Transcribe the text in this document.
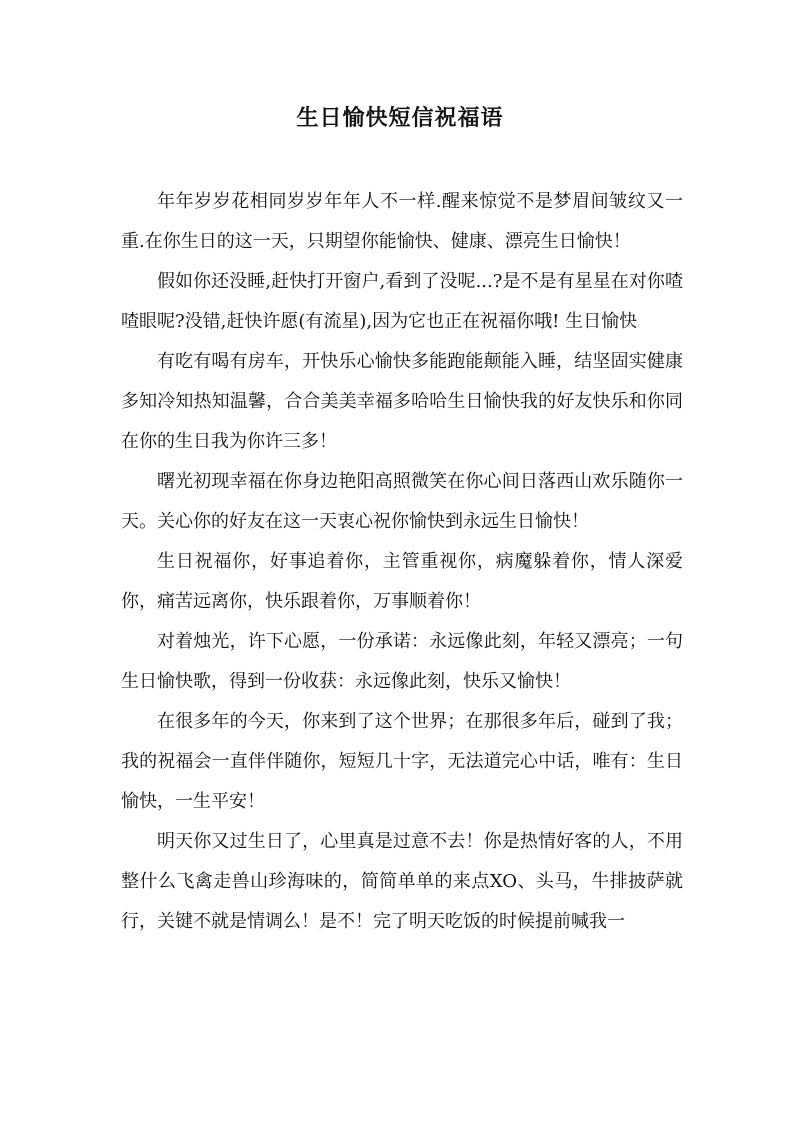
生日愉快短信祝福语

年年岁岁花相同岁岁年年人不一样.醒来惊觉不是梦眉间皱纹又一重.在你生日的这一天，只期望你能愉快、健康、漂亮生日愉快！

假如你还没睡,赶快打开窗户,看到了没呢...?是不是有星星在对你喳喳眼呢?没错,赶快许愿(有流星),因为它也正在祝福你哦! 生日愉快

有吃有喝有房车，开快乐心愉快多能跑能颠能入睡，结坚固实健康多知冷知热知温馨，合合美美幸福多哈哈生日愉快我的好友快乐和你同在你的生日我为你许三多！

曙光初现幸福在你身边艳阳高照微笑在你心间日落西山欢乐随你一天。关心你的好友在这一天衷心祝你愉快到永远生日愉快！

生日祝福你，好事追着你，主管重视你，病魔躲着你，情人深爱你，痛苦远离你，快乐跟着你，万事顺着你！

对着烛光，许下心愿，一份承诺：永远像此刻，年轻又漂亮；一句生日愉快歌，得到一份收获：永远像此刻，快乐又愉快！

在很多年的今天，你来到了这个世界；在那很多年后，碰到了我；我的祝福会一直伴伴随你，短短几十字，无法道完心中话，唯有：生日愉快，一生平安！

明天你又过生日了，心里真是过意不去！你是热情好客的人，不用整什么飞禽走兽山珍海味的，简简单单的来点XO、头马，牛排披萨就行，关键不就是情调么！是不！完了明天吃饭的时候提前喊我一
